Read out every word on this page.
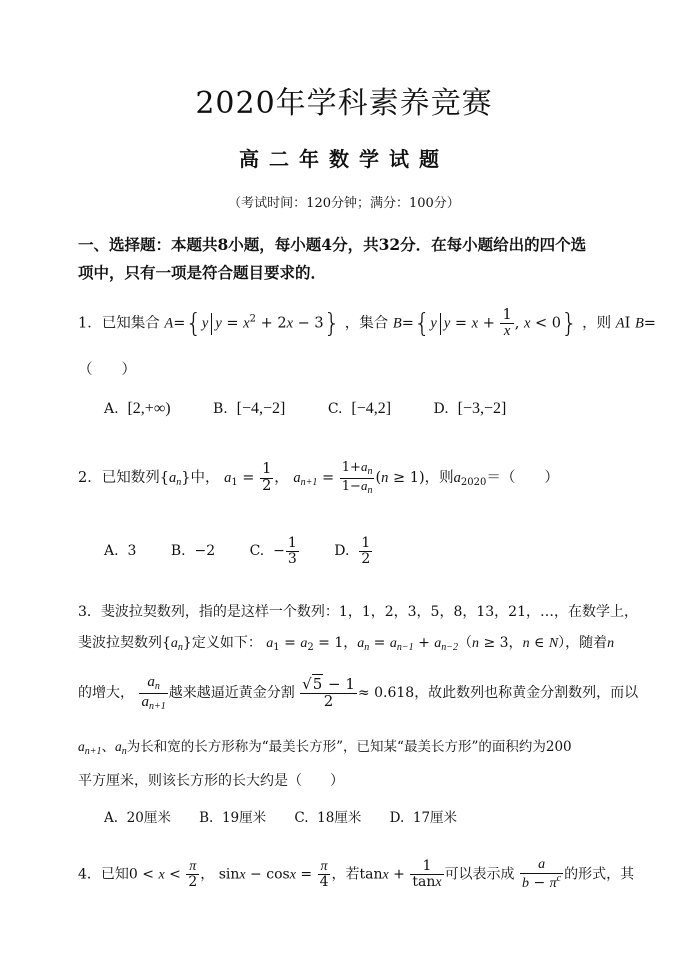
2020年学科素养竞赛
高二年数学试题
（考试时间：120分钟；满分：100分）
一、选择题：本题共8小题，每小题4分，共32分．在每小题给出的四个选
项中，只有一项是符合题目要求的．
1．已知集合 A={y $y = x^2 + 2x - 3$} ，集合 B={y $y = x + \frac{1}{x}$ , x < 0} ，则 AI B=
（　　）
A. [2,+∞)	B. [−4,−2]	C. [−4,2]	D. [−3,−2]
2．已知数列$\{a_n\}$中， $a_1 = \frac{1}{2}$ ， $a_{n+1} = \frac{1+a_n}{1-a_n} (n \ge 1)$，则$a_{2020}=$（　　）
A.  3 B.  −2 C.  − $\frac{1}{3}$	D. $\frac{1}{2}$
3．斐波拉契数列，指的是这样一个数列：1，1，2，3，5，8，13，21，…，在数学上，
斐波拉契数列$\{a_n\}$定义如下： $a_1 = a_2 = 1$，$a_n = a_{n-1} + a_{n-2}(n \ge 3$，n ∈ N），随着n
的增大， $\frac{a_n}{a_{n+1}}$ 越来越逼近黄金分割 $\frac{√5 - 1}{2} \approx 0.618$，故此数列也称黄金分割数列，而以
$a_{n+1}$、$a_n$为长和宽的长方形称为“最美长方形”，已知某“最美长方形”的面积约为200
平方厘米，则该长方形的长大约是（　　）
A. 20厘米 B. 19厘米 C. 18厘米 D. 17厘米
4．已知$0 < x < \frac{\pi}{2}$ ， $\sin x - \cos x = \frac{\pi}{4}$ ，若$\tan x + \frac{1}{\tan x}$ 可以表示成 $\frac{a}{b - \pi^c}$ 的形式，其
